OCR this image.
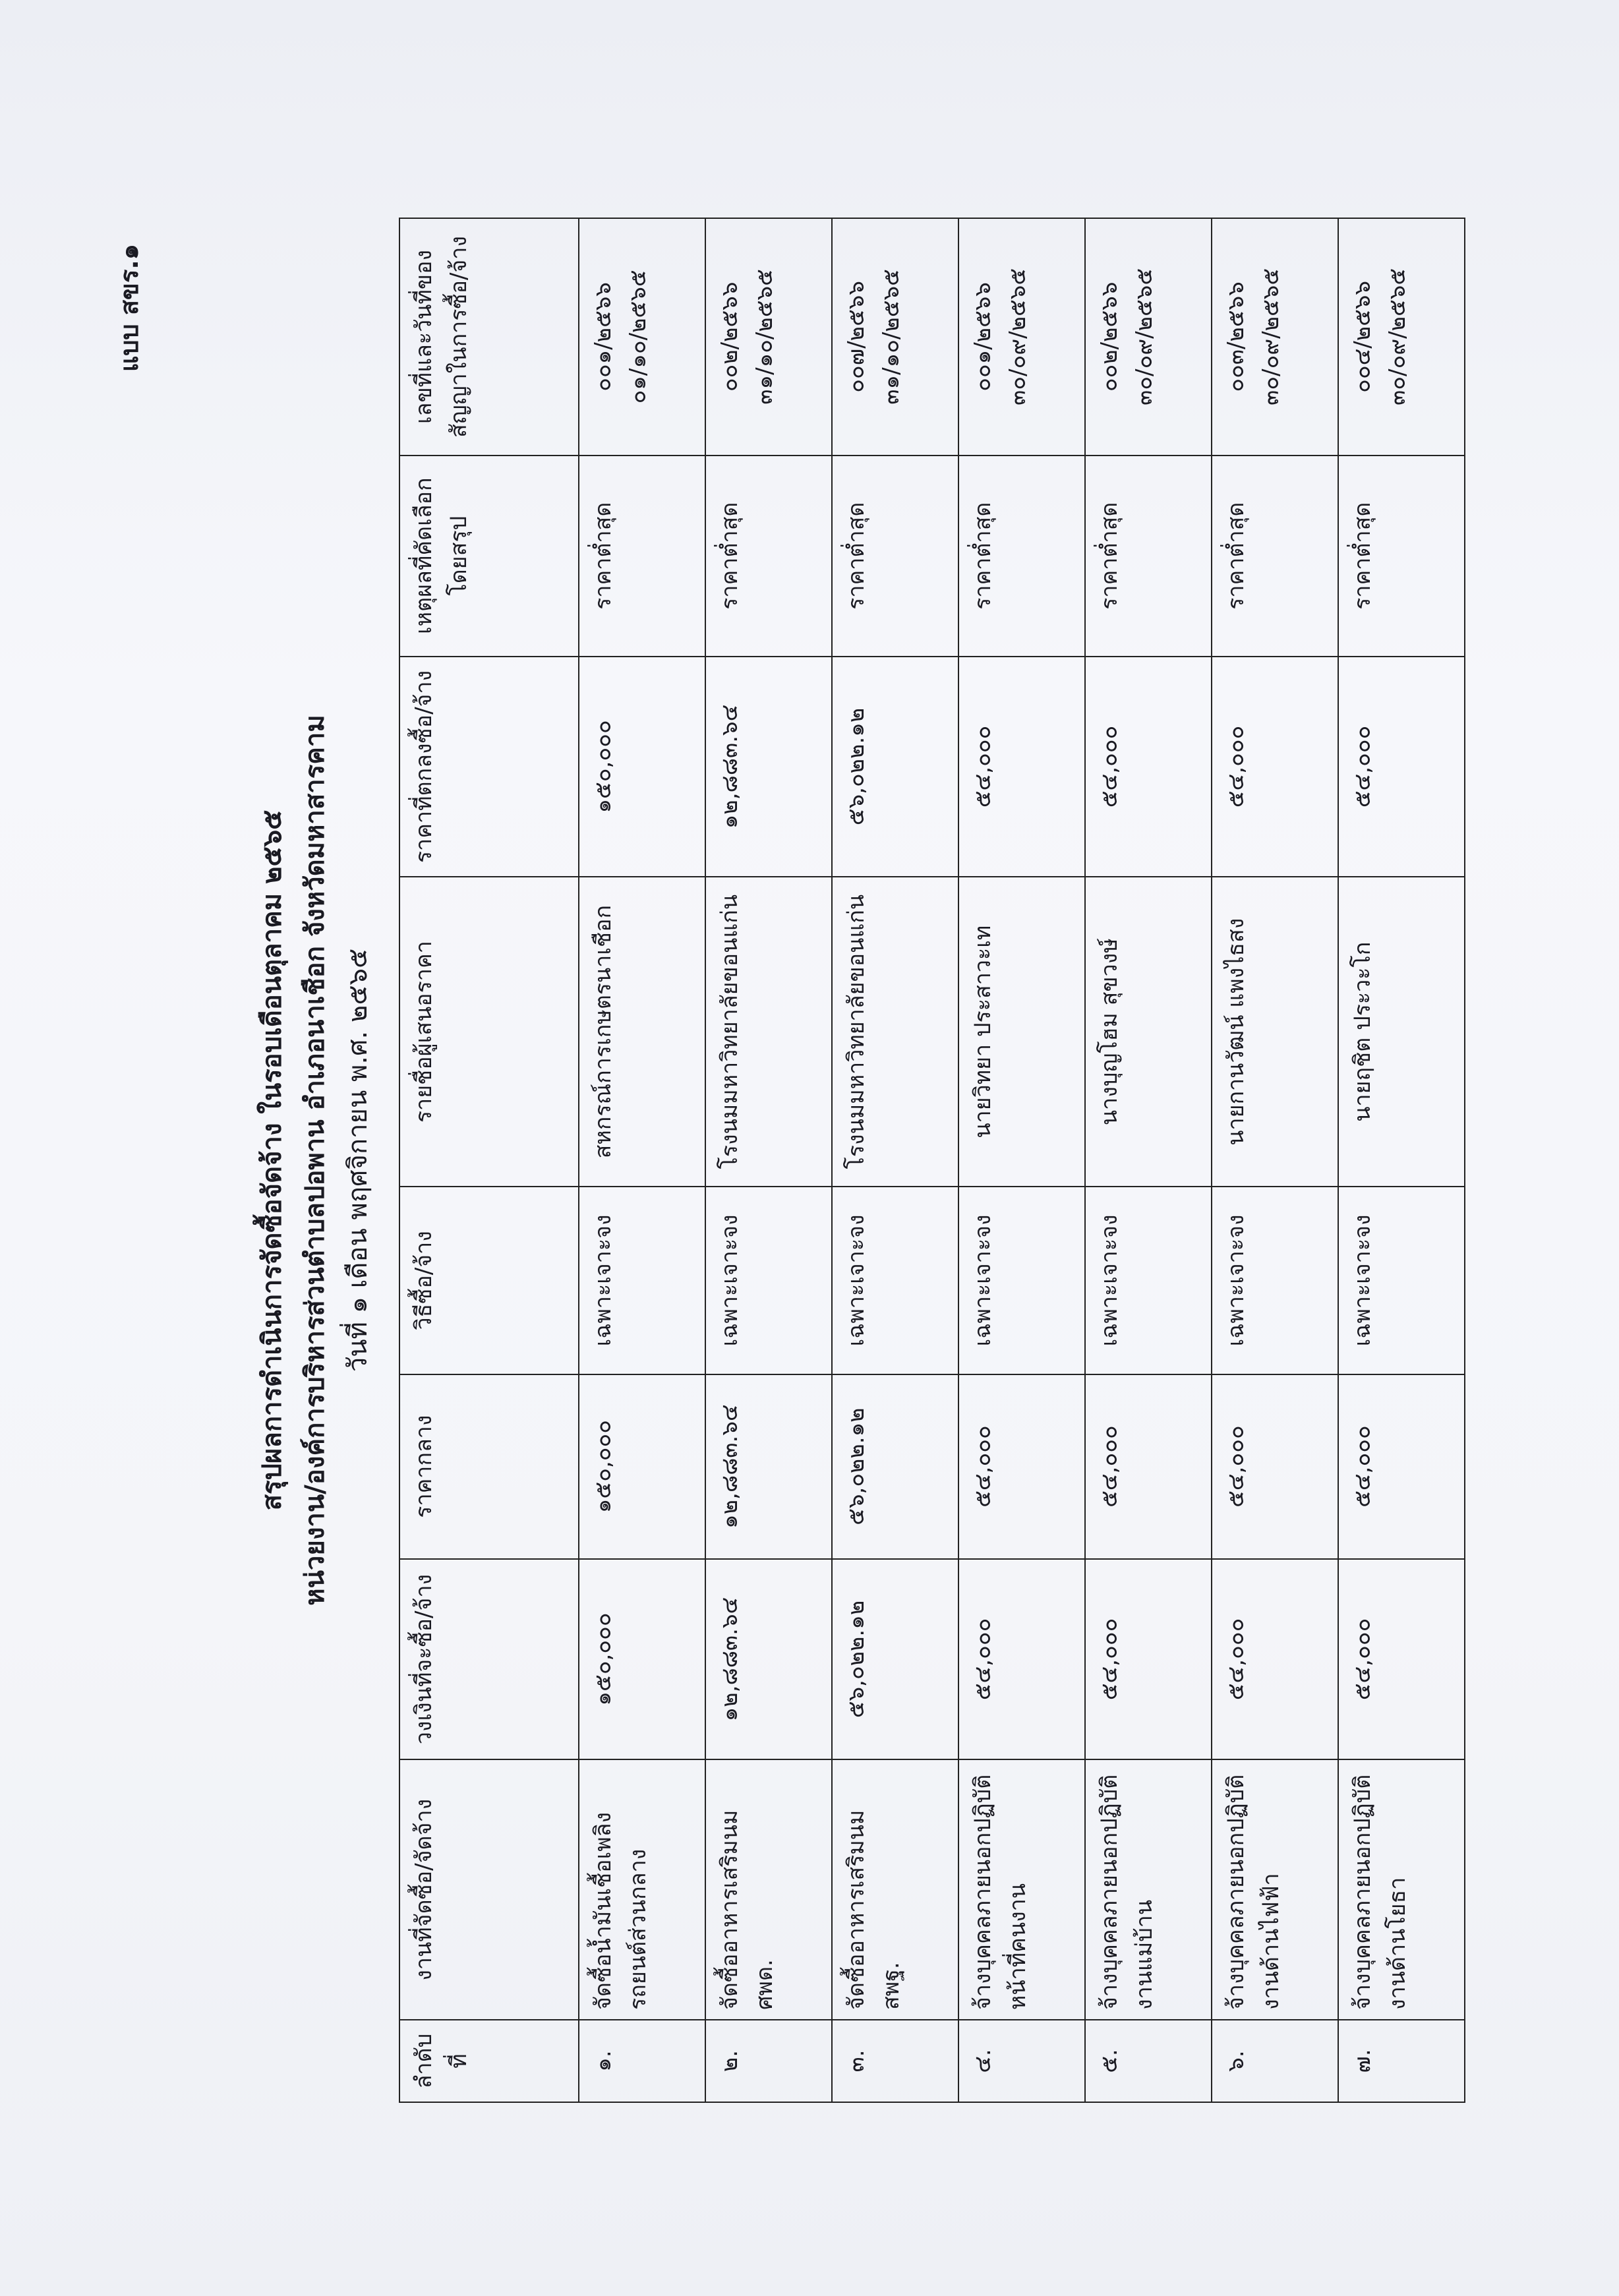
แบบ สขร.๑
สรุปผลการดำเนินการจัดซื้อจัดจ้าง ในรอบเดือนตุลาคม ๒๕๖๕ หน่วยงาน/องค์การบริหารส่วนตำบลปอพาน อำเภอนาเชือก จังหวัดมหาสารคาม วันที่ ๑ เดือน พฤศจิกายน พ.ศ. ๒๕๖๕
ลำดับที่	งานที่จัดซื้อ/จัดจ้าง	วงเงินที่จะซื้อ/จ้าง	ราคากลาง	วิธีซื้อ/จ้าง	รายชื่อผู้เสนอราคา	ราคาที่ตกลงซื้อ/จ้าง	เหตุผลที่คัดเลือกโดยสรุป	เลขที่และวันที่ของสัญญาในการซื้อ/จ้าง
๑.	จัดซื้อน้ำมันเชื้อเพลิงรถยนต์ส่วนกลาง	๑๕๐,๐๐๐	๑๕๐,๐๐๐	เฉพาะเจาะจง	สหกรณ์การเกษตรนาเชือก	๑๕๐,๐๐๐	ราคาต่ำสุด	๐๐๑/๒๕๖๖ ๐๑/๑๐/๒๕๖๕
๒.	จัดซื้ออาหารเสริมนม ศพด.	๑๒,๘๘๓.๖๔	๑๒,๘๘๓.๖๔	เฉพาะเจาะจง	โรงนมมหาวิทยาลัยขอนแก่น	๑๒,๘๘๓.๖๔	ราคาต่ำสุด	๐๐๒/๒๕๖๖ ๓๑/๑๐/๒๕๖๕
๓.	จัดซื้ออาหารเสริมนม สพฐ.	๕๖,๐๒๒.๑๒	๕๖,๐๒๒.๑๒	เฉพาะเจาะจง	โรงนมมหาวิทยาลัยขอนแก่น	๕๖,๐๒๒.๑๒	ราคาต่ำสุด	๐๐๗/๒๕๖๖ ๓๑/๑๐/๒๕๖๕
๔.	จ้างบุคคลภายนอกปฏิบัติหน้าที่คนงาน	๕๔,๐๐๐	๕๔,๐๐๐	เฉพาะเจาะจง	นายวิทยา ประสาวะเท	๕๔,๐๐๐	ราคาต่ำสุด	๐๐๑/๒๕๖๖ ๓๐/๐๙/๒๕๖๕
๕.	จ้างบุคคลภายนอกปฏิบัติงานแม่บ้าน	๕๔,๐๐๐	๕๔,๐๐๐	เฉพาะเจาะจง	นางบุญโฮม สุขวงษ์	๕๔,๐๐๐	ราคาต่ำสุด	๐๐๒/๒๕๖๖ ๓๐/๐๙/๒๕๖๕
๖.	จ้างบุคคลภายนอกปฏิบัติงานด้านไฟฟ้า	๕๔,๐๐๐	๕๔,๐๐๐	เฉพาะเจาะจง	นายกานวัฒน์ แพงไธสง	๕๔,๐๐๐	ราคาต่ำสุด	๐๐๓/๒๕๖๖ ๓๐/๐๙/๒๕๖๕
๗.	จ้างบุคคลภายนอกปฏิบัติงานด้านโยธา	๕๔,๐๐๐	๕๔,๐๐๐	เฉพาะเจาะจง	นายฤชิต ประวะโก	๕๔,๐๐๐	ราคาต่ำสุด	๐๐๔/๒๕๖๖ ๓๐/๐๙/๒๕๖๕
